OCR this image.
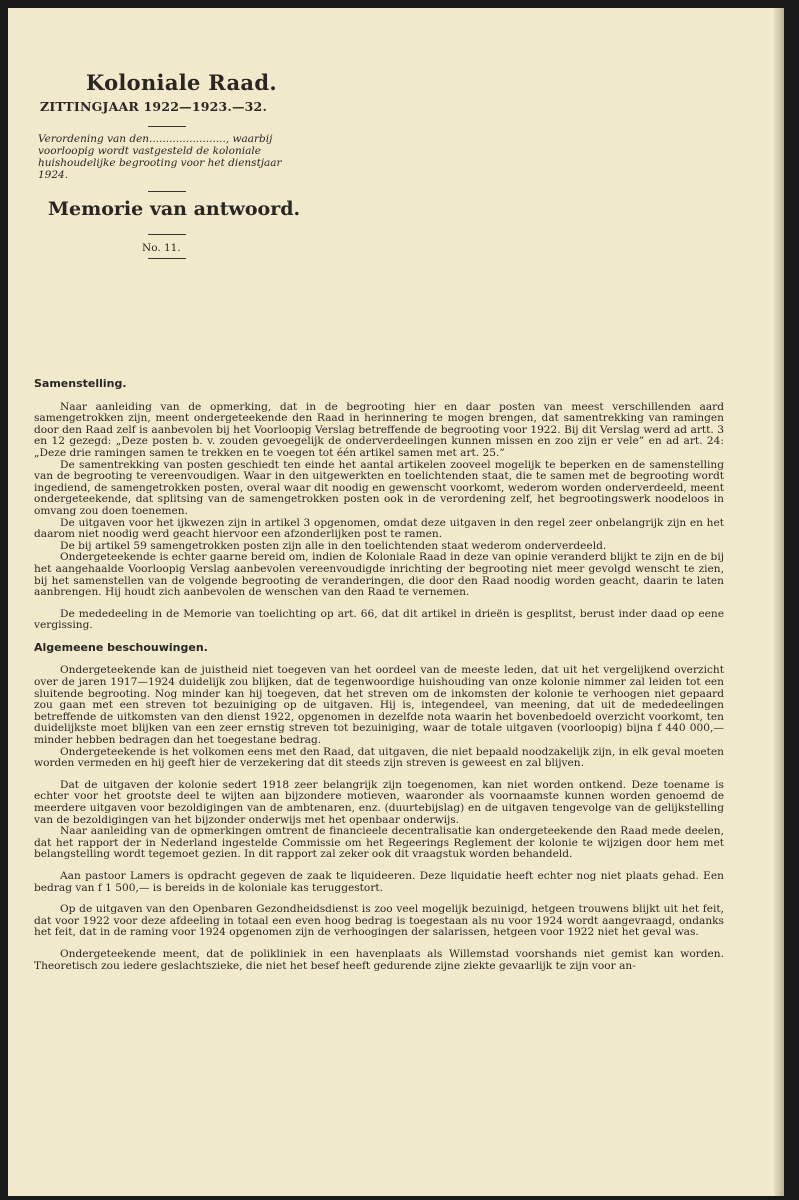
Koloniale Raad.
ZITTINGJAAR 1922—1923.—32.
Verordening van den......................., waarbij voorloopig wordt vastgesteld de koloniale huishoudelijke begrooting voor het dienstjaar 1924.
Memorie van antwoord.
No. 11.
Samenstelling.

Naar aanleiding van de opmerking, dat in de begrooting hier en daar posten van meest verschillenden aard samengetrokken zijn, meent ondergeteekende den Raad in herinnering te mogen brengen, dat samentrekking van ramingen door den Raad zelf is aanbevolen bij het Voorloopig Verslag betreffende de begrooting voor 1922. Bij dit Verslag werd ad artt. 3 en 12 gezegd: „Deze posten b. v. zouden gevoegelijk de onderverdeelingen kunnen missen en zoo zijn er vele” en ad art. 24: „Deze drie ramingen samen te trekken en te voegen tot één artikel samen met art. 25.”

De samentrekking van posten geschiedt ten einde het aantal artikelen zooveel mogelijk te beperken en de samenstelling van de begrooting te vereenvoudigen. Waar in den uitgewerkten en toelichtenden staat, die te samen met de begrooting wordt ingediend, de samengetrokken posten, overal waar dit noodig en gewenscht voorkomt, wederom worden onderverdeeld, meent ondergeteekende, dat splitsing van de samengetrokken posten ook in de verordening zelf, het begrootingswerk noodeloos in omvang zou doen toenemen.

De uitgaven voor het ijkwezen zijn in artikel 3 opgenomen, omdat deze uitgaven in den regel zeer onbelangrijk zijn en het daarom niet noodig werd geacht hiervoor een afzonderlijken post te ramen.

De bij artikel 59 samengetrokken posten zijn alle in den toelichtenden staat wederom onderverdeeld.

Ondergeteekende is echter gaarne bereid om, indien de Koloniale Raad in deze van opinie veranderd blijkt te zijn en de bij het aangehaalde Voorloopig Verslag aanbevolen vereenvoudigde inrichting der begrooting niet meer gevolgd wenscht te zien, bij het samenstellen van de volgende begrooting de veranderingen, die door den Raad noodig worden geacht, daarin te laten aanbrengen. Hij houdt zich aanbevolen de wenschen van den Raad te vernemen.

De mededeeling in de Memorie van toelichting op art. 66, dat dit artikel in drieën is gesplitst, berust inder daad op eene vergissing.

Algemeene beschouwingen.

Ondergeteekende kan de juistheid niet toegeven van het oordeel van de meeste leden, dat uit het vergelijkend overzicht over de jaren 1917—1924 duidelijk zou blijken, dat de tegenwoordige huishouding van onze kolonie nimmer zal leiden tot een sluitende begrooting. Nog minder kan hij toegeven, dat het streven om de inkomsten der kolonie te verhoogen niet gepaard zou gaan met een streven tot bezuiniging op de uitgaven. Hij is, integendeel, van meening, dat uit de mededeelingen betreffende de uitkomsten van den dienst 1922, opgenomen in dezelfde nota waarin het bovenbedoeld overzicht voorkomt, ten duidelijkste moet blijken van een zeer ernstig streven tot bezuiniging, waar de totale uitgaven (voorloopig) bijna f 440 000,— minder hebben bedragen dan het toegestane bedrag.

Ondergeteekende is het volkomen eens met den Raad, dat uitgaven, die niet bepaald noodzakelijk zijn, in elk geval moeten worden vermeden en hij geeft hier de verzekering dat dit steeds zijn streven is geweest en zal blijven.

Dat de uitgaven der kolonie sedert 1918 zeer belangrijk zijn toegenomen, kan niet worden ontkend. Deze toename is echter voor het grootste deel te wijten aan bijzondere motieven, waaronder als voornaamste kunnen worden genoemd de meerdere uitgaven voor bezoldigingen van de ambtenaren, enz. (duurtebijslag) en de uitgaven tengevolge van de gelijkstelling van de bezoldigingen van het bijzonder onderwijs met het openbaar onderwijs.

Naar aanleiding van de opmerkingen omtrent de financieele decentralisatie kan ondergeteekende den Raad mede deelen, dat het rapport der in Nederland ingestelde Commissie om het Regeerings Reglement der kolonie te wijzigen door hem met belangstelling wordt tegemoet gezien. In dit rapport zal zeker ook dit vraagstuk worden behandeld.

Aan pastoor Lamers is opdracht gegeven de zaak te liquideeren. Deze liquidatie heeft echter nog niet plaats gehad. Een bedrag van f 1 500,— is bereids in de koloniale kas teruggestort.

Op de uitgaven van den Openbaren Gezondheidsdienst is zoo veel mogelijk bezuinigd, hetgeen trouwens blijkt uit het feit, dat voor 1922 voor deze afdeeling in totaal een even hoog bedrag is toegestaan als nu voor 1924 wordt aangevraagd, ondanks het feit, dat in de raming voor 1924 opgenomen zijn de verhoogingen der salarissen, hetgeen voor 1922 niet het geval was.

Ondergeteekende meent, dat de polikliniek in een havenplaats als Willemstad voorshands niet gemist kan worden. Theoretisch zou iedere geslachtszieke, die niet het besef heeft gedurende zijne ziekte gevaarlijk te zijn voor an-
